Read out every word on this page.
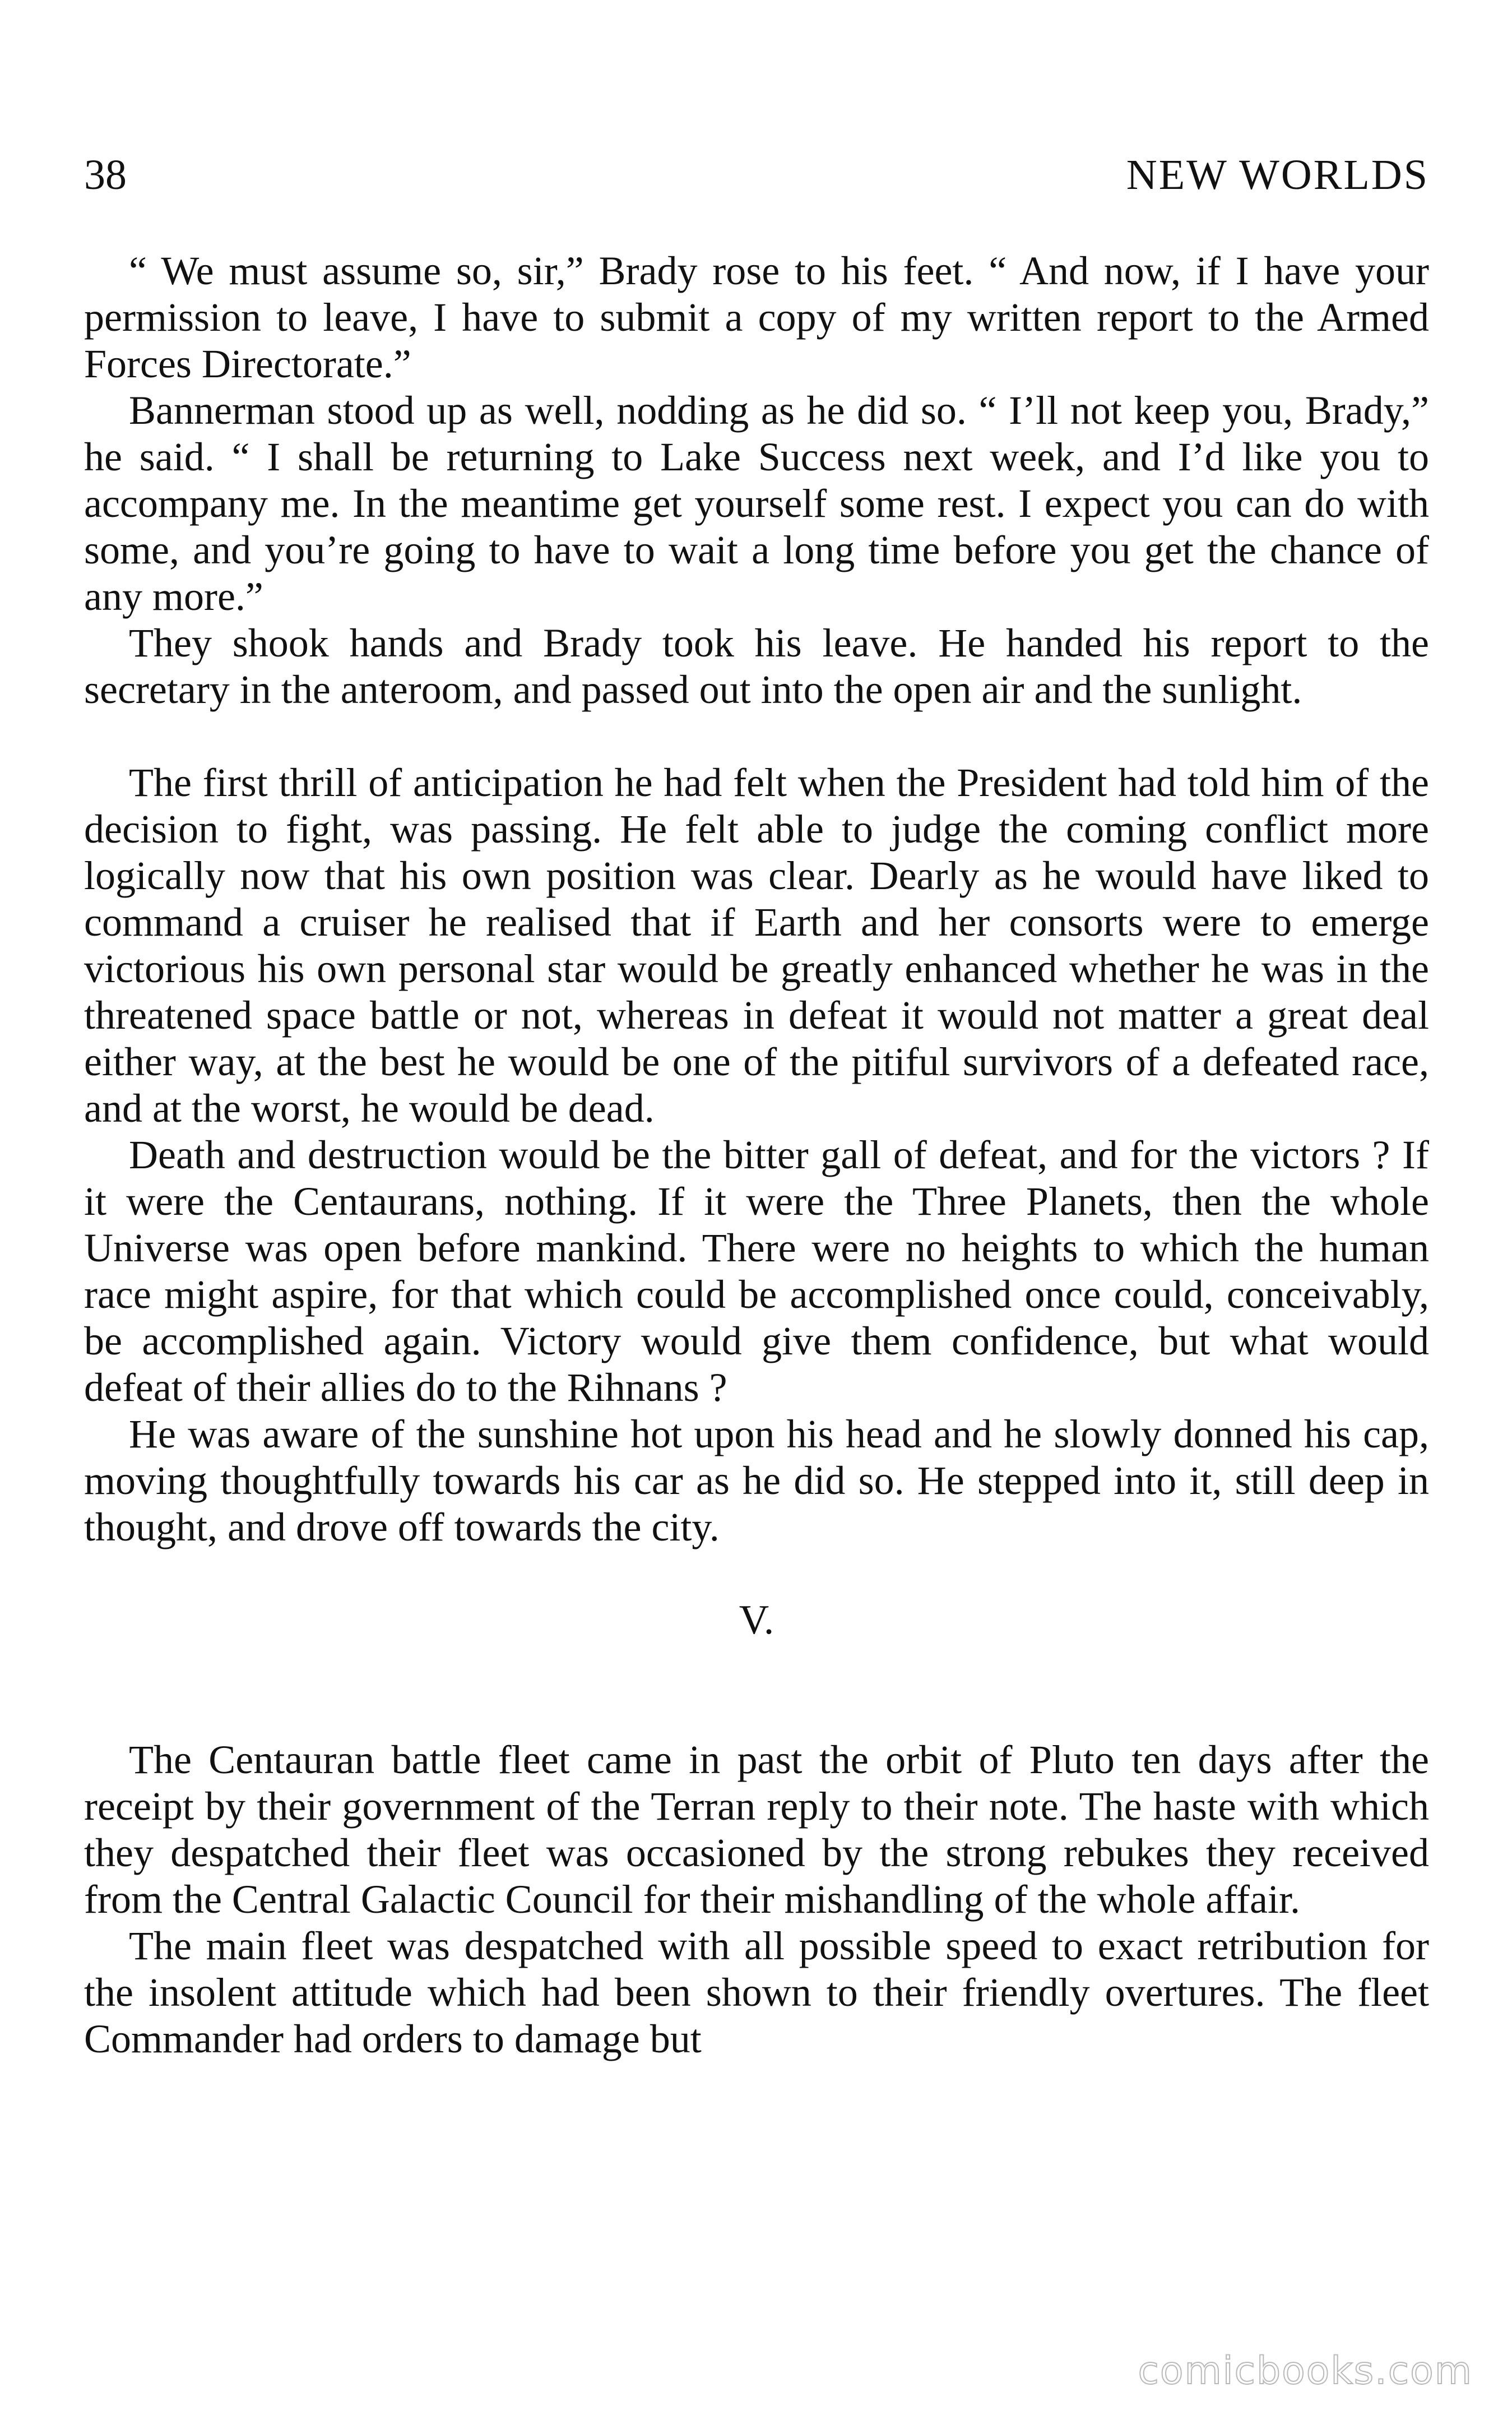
38	NEW WORLDS

“ We must assume so, sir,” Brady rose to his feet. “ And now, if I have your permission to leave, I have to submit a copy of my written report to the Armed Forces Directorate.”

Bannerman stood up as well, nodding as he did so. “ I’ll not keep you, Brady,” he said. “ I shall be returning to Lake Success next week, and I’d like you to accompany me. In the meantime get yourself some rest. I expect you can do with some, and you’re going to have to wait a long time before you get the chance of any more.”

They shook hands and Brady took his leave. He handed his report to the secretary in the anteroom, and passed out into the open air and the sunlight.

The first thrill of anticipation he had felt when the President had told him of the decision to fight, was passing. He felt able to judge the coming conflict more logically now that his own position was clear. Dearly as he would have liked to command a cruiser he realised that if Earth and her consorts were to emerge victorious his own personal star would be greatly enhanced whether he was in the threatened space battle or not, whereas in defeat it would not matter a great deal either way, at the best he would be one of the pitiful survivors of a defeated race, and at the worst, he would be dead.

Death and destruction would be the bitter gall of defeat, and for the victors ? If it were the Centaurans, nothing. If it were the Three Planets, then the whole Universe was open before mankind. There were no heights to which the human race might aspire, for that which could be accomplished once could, conceivably, be accomplished again. Victory would give them confidence, but what would defeat of their allies do to the Rihnans ?

He was aware of the sunshine hot upon his head and he slowly donned his cap, moving thoughtfully towards his car as he did so. He stepped into it, still deep in thought, and drove off towards the city.

V.

The Centauran battle fleet came in past the orbit of Pluto ten days after the receipt by their government of the Terran reply to their note. The haste with which they despatched their fleet was occasioned by the strong rebukes they received from the Central Galactic Council for their mishandling of the whole affair.

The main fleet was despatched with all possible speed to exact retribution for the insolent attitude which had been shown to their friendly overtures. The fleet Commander had orders to damage but

comicbooks.com
